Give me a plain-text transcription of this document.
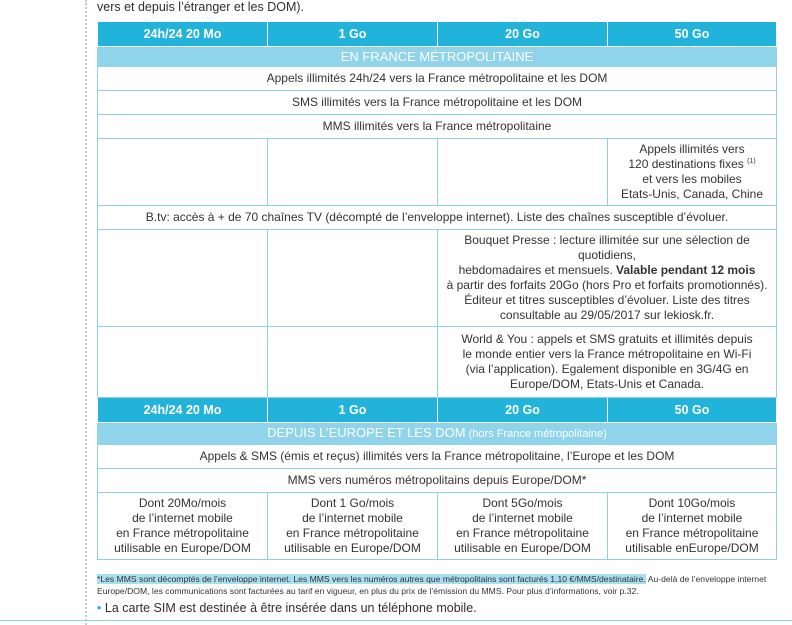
vers et depuis l’étranger et les DOM).
24h/24 20 Mo	1 Go	20 Go	50 Go
EN FRANCE MÉTROPOLITAINE			
Appels illimités 24h/24 vers la France métropolitaine et les DOM			
SMS illimités vers la France métropolitaine et les DOM			
MMS illimités vers la France métropolitaine			
			Appels illimités vers
120 destinations fixes $^{(1)}$
et vers les mobiles
Etats-Unis, Canada, Chine
B.tv: accès à + de 70 chaînes TV (décompté de l’enveloppe internet). Liste des chaînes susceptible d’évoluer.			
		Bouquet Presse : lecture illimitée sur une sélection de quotidiens,
hebdomadaires et mensuels. Valable pendant 12 mois
à partir des forfaits 20Go (hors Pro et forfaits promotionnés).
Éditeur et titres susceptibles d’évoluer. Liste des titres
consultable au 29/05/2017 sur lekiosk.fr.	
		World & You : appels et SMS gratuits et illimités depuis
le monde entier vers la France métropolitaine en Wi-Fi
(via l’application). Egalement disponible en 3G/4G en
Europe/DOM, Etats-Unis et Canada.	
24h/24 20 Mo	1 Go	20 Go	50 Go
DEPUIS L’EUROPE ET LES DOM (hors France métropolitaine)			
Appels & SMS (émis et reçus) illimités vers la France métropolitaine, l’Europe et les DOM			
MMS vers numéros métropolitains depuis Europe/DOM*			
Dont 20Mo/mois
de l’internet mobile
en France métropolitaine
utilisable en Europe/DOM	Dont 1 Go/mois
de l’internet mobile
en France métropolitaine
utilisable en Europe/DOM	Dont 5Go/mois
de l’internet mobile
en France métropolitaine
utilisable en Europe/DOM	Dont 10Go/mois
de l’internet mobile
en France métropolitaine
utilisable enEurope/DOM
*Les MMS sont décomptés de l’enveloppe internet. Les MMS vers les numéros autres que métropolitains sont facturés 1,10 €/MMS/destinataire. Au-delà de l’enveloppe internet Europe/DOM, les communications sont facturées au tarif en vigueur, en plus du prix de l’émission du MMS. Pour plus d’informations, voir p.32.
• La carte SIM est destinée à être insérée dans un téléphone mobile.
